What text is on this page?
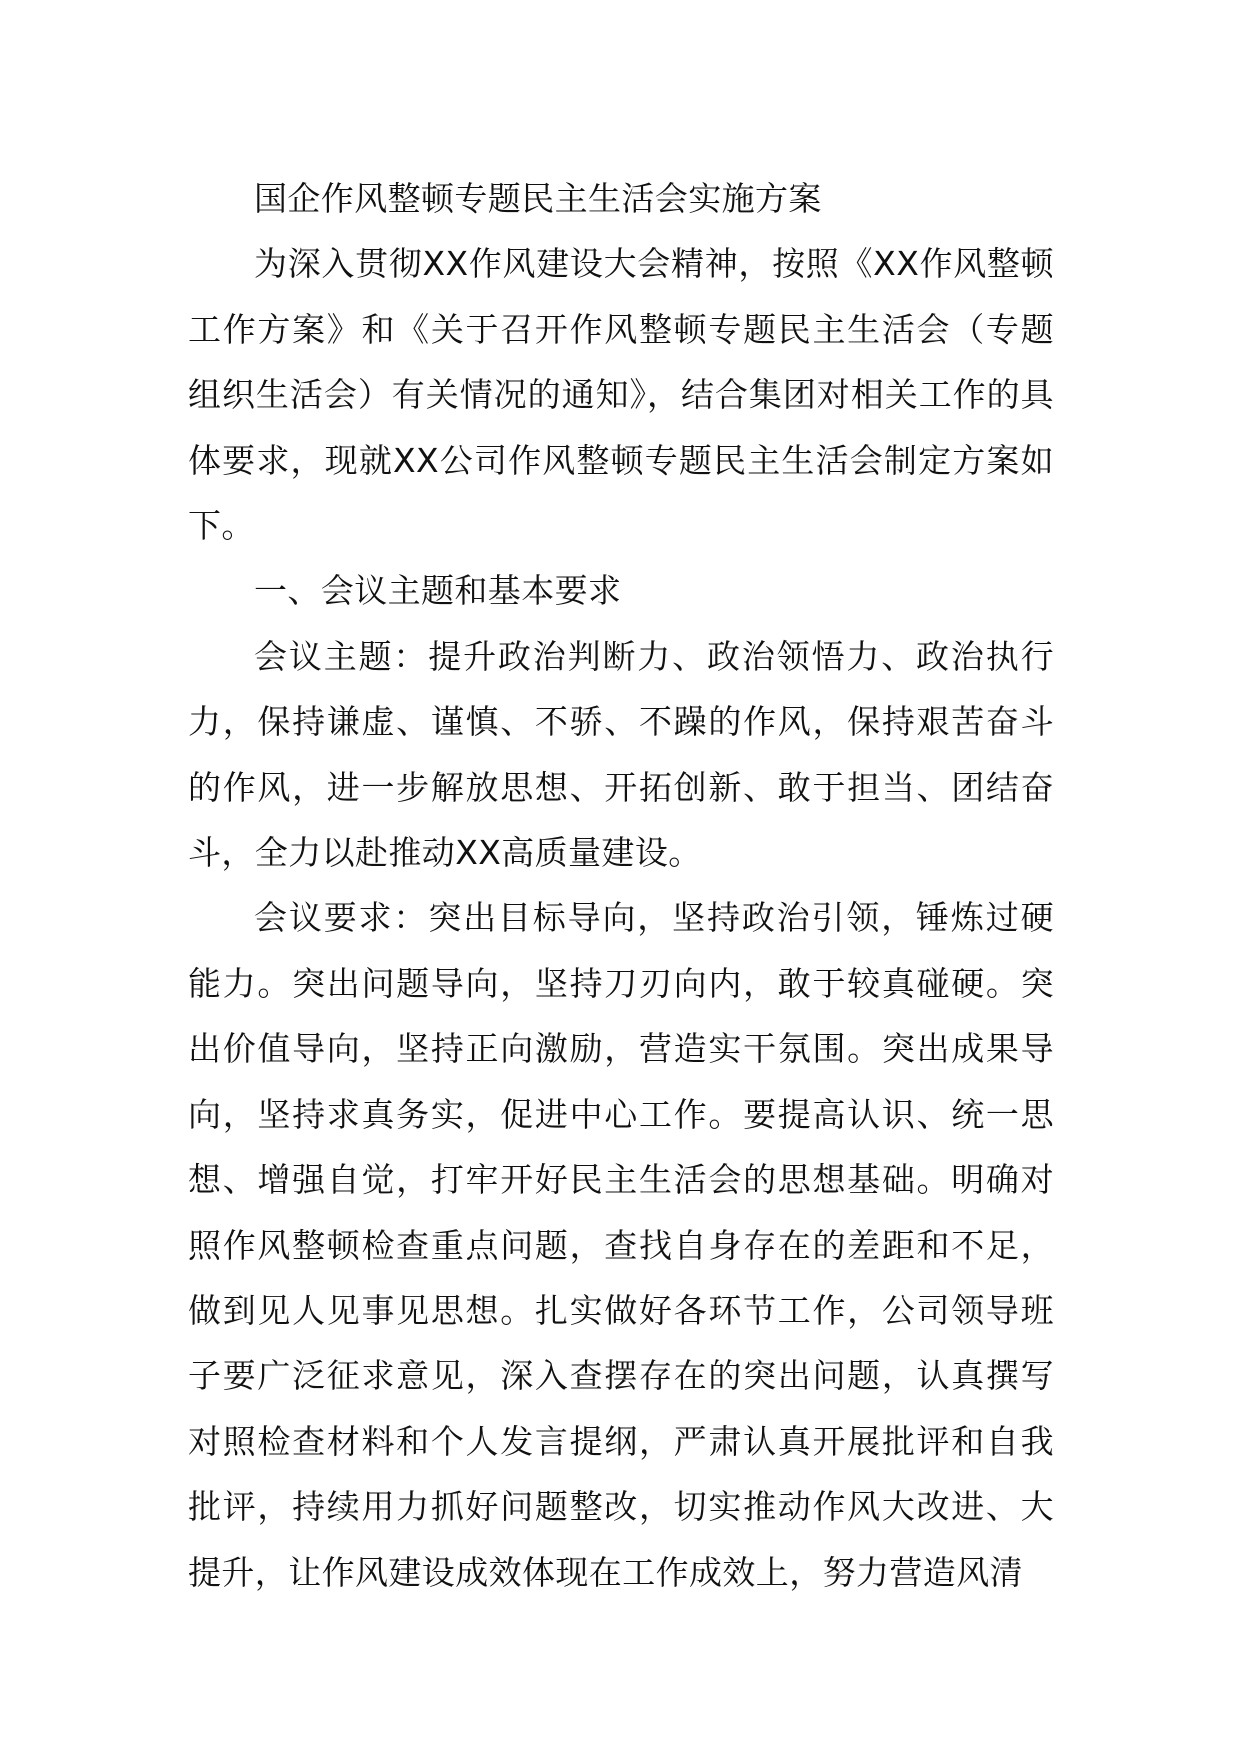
国企作风整顿专题民主生活会实施方案

为深入贯彻XX作风建设大会精神，按照《XX作风整顿工作方案》和《关于召开作风整顿专题民主生活会（专题组织生活会）有关情况的通知》，结合集团对相关工作的具体要求，现就XX公司作风整顿专题民主生活会制定方案如下。

一、会议主题和基本要求

会议主题：提升政治判断力、政治领悟力、政治执行力，保持谦虚、谨慎、不骄、不躁的作风，保持艰苦奋斗的作风，进一步解放思想、开拓创新、敢于担当、团结奋斗，全力以赴推动XX高质量建设。

会议要求：突出目标导向，坚持政治引领，锤炼过硬能力。突出问题导向，坚持刀刃向内，敢于较真碰硬。突出价值导向，坚持正向激励，营造实干氛围。突出成果导向，坚持求真务实，促进中心工作。要提高认识、统一思想、增强自觉，打牢开好民主生活会的思想基础。明确对照作风整顿检查重点问题，查找自身存在的差距和不足，做到见人见事见思想。扎实做好各环节工作，公司领导班子要广泛征求意见，深入查摆存在的突出问题，认真撰写对照检查材料和个人发言提纲，严肃认真开展批评和自我批评，持续用力抓好问题整改，切实推动作风大改进、大提升，让作风建设成效体现在工作成效上，努力营造风清
